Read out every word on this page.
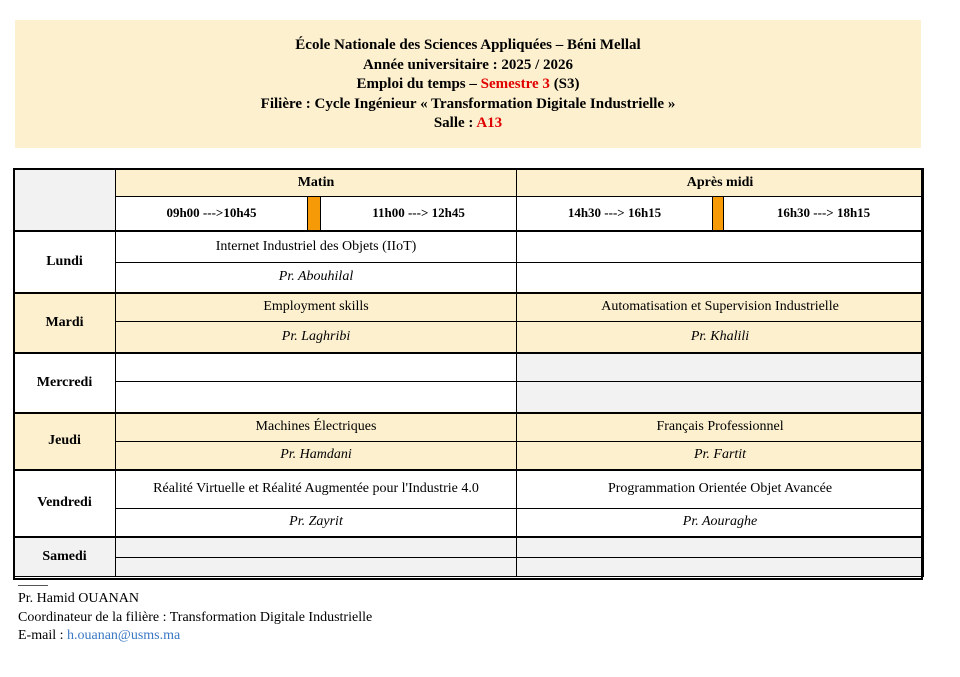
École Nationale des Sciences Appliquées – Béni Mellal
Année universitaire : 2025 / 2026
Emploi du temps – Semestre 3 (S3)
Filière : Cycle Ingénieur « Transformation Digitale Industrielle »
Salle : A13
	Matin			Après midi		
	09h00 --->10h45		11h00 ---> 12h45	14h30 ---> 16h15		16h30 ---> 18h15
Lundi	Internet Industriel des Objets (IIoT)					
	Pr. Abouhilal					
Mardi	Employment skills			Automatisation et Supervision Industrielle		
	Pr. Laghribi			Pr. Khalili		
Mercredi						

Jeudi	Machines Électriques			Français Professionnel		
	Pr. Hamdani			Pr. Fartit		
Vendredi	Réalité Virtuelle et Réalité Augmentée pour l'Industrie 4.0			Programmation Orientée Objet Avancée		
	Pr. Zayrit			Pr. Aouraghe		
Samedi						

Pr. Hamid OUANAN
Coordinateur de la filière : Transformation Digitale Industrielle
E-mail : h.ouanan@usms.ma
